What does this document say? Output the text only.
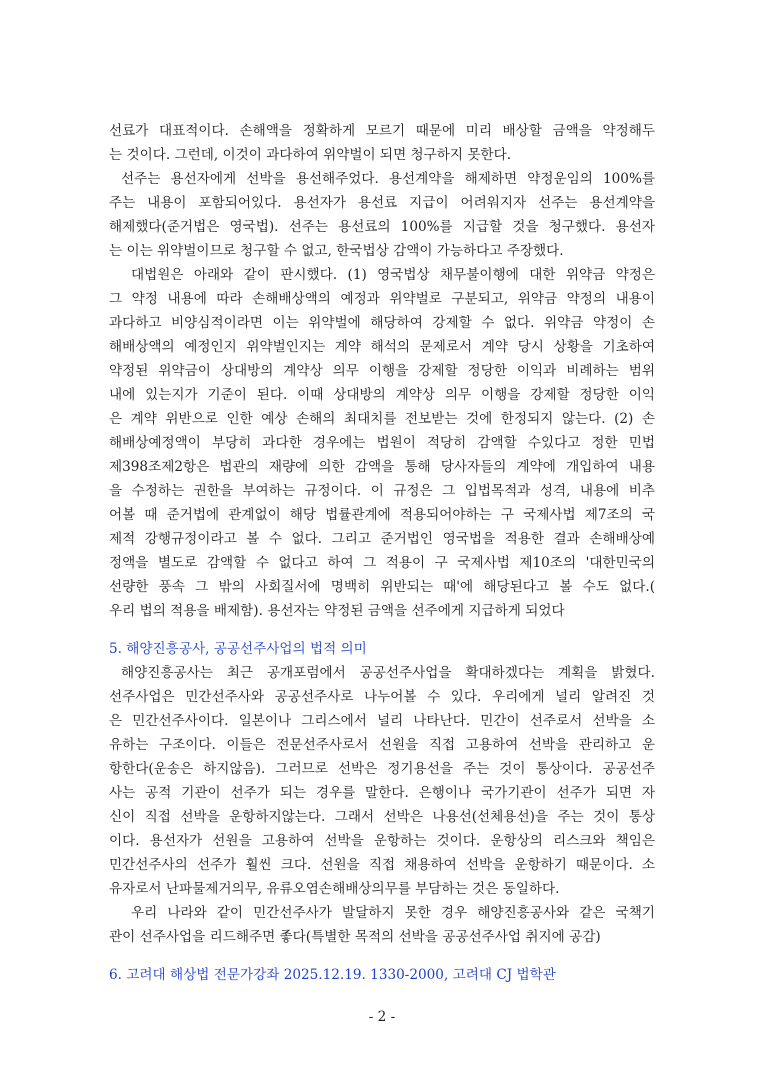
선료가 대표적이다. 손해액을 정확하게 모르기 때문에 미리 배상할 금액을 약정해두
는 것이다. 그런데, 이것이 과다하여 위약벌이 되면 청구하지 못한다.
선주는 용선자에게 선박을 용선해주었다. 용선계약을 해제하면 약정운임의 100%를
주는 내용이 포함되어있다. 용선자가 용선료 지급이 어려워지자 선주는 용선계약을
해제했다(준거법은 영국법). 선주는 용선료의 100%를 지급할 것을 청구했다. 용선자
는 이는 위약벌이므로 청구할 수 없고, 한국법상 감액이 가능하다고 주장했다.
대법원은 아래와 같이 판시했다. (1) 영국법상 채무불이행에 대한 위약금 약정은
그 약정 내용에 따라 손해배상액의 예정과 위약벌로 구분되고, 위약금 약정의 내용이
과다하고 비양심적이라면 이는 위약벌에 해당하여 강제할 수 없다. 위약금 약정이 손
해배상액의 예정인지 위약벌인지는 계약 해석의 문제로서 계약 당시 상황을 기초하여
약정된 위약금이 상대방의 계약상 의무 이행을 강제할 정당한 이익과 비례하는 범위
내에 있는지가 기준이 된다. 이때 상대방의 계약상 의무 이행을 강제할 정당한 이익
은 계약 위반으로 인한 예상 손해의 최대치를 전보받는 것에 한정되지 않는다. (2) 손
해배상예정액이 부당히 과다한 경우에는 법원이 적당히 감액할 수있다고 정한 민법
제398조제2항은 법관의 재량에 의한 감액을 통해 당사자들의 계약에 개입하여 내용
을 수정하는 권한을 부여하는 규정이다. 이 규정은 그 입법목적과 성격, 내용에 비추
어볼 때 준거법에 관계없이 해당 법률관계에 적용되어야하는 구 국제사법 제7조의 국
제적 강행규정이라고 볼 수 없다. 그리고 준거법인 영국법을 적용한 결과 손해배상예
정액을 별도로 감액할 수 없다고 하여 그 적용이 구 국제사법 제10조의 '대한민국의
선량한 풍속 그 밖의 사회질서에 명백히 위반되는 때'에 해당된다고 볼 수도 없다.(
우리 법의 적용을 배제함). 용선자는 약정된 금액을 선주에게 지급하게 되었다
5. 해양진흥공사, 공공선주사업의 법적 의미
해양진흥공사는 최근 공개포럼에서 공공선주사업을 확대하겠다는 계획을 밝혔다.
선주사업은 민간선주사와 공공선주사로 나누어볼 수 있다. 우리에게 널리 알려진 것
은 민간선주사이다. 일본이나 그리스에서 널리 나타난다. 민간이 선주로서 선박을 소
유하는 구조이다. 이들은 전문선주사로서 선원을 직접 고용하여 선박을 관리하고 운
항한다(운송은 하지않음). 그러므로 선박은 정기용선을 주는 것이 통상이다. 공공선주
사는 공적 기관이 선주가 되는 경우를 말한다. 은행이나 국가기관이 선주가 되면 자
신이 직접 선박을 운항하지않는다. 그래서 선박은 나용선(선체용선)을 주는 것이 통상
이다. 용선자가 선원을 고용하여 선박을 운항하는 것이다. 운항상의 리스크와 책임은
민간선주사의 선주가 훨씬 크다. 선원을 직접 채용하여 선박을 운항하기 때문이다. 소
유자로서 난파물제거의무, 유류오염손해배상의무를 부담하는 것은 동일하다.
우리 나라와 같이 민간선주사가 발달하지 못한 경우 해양진흥공사와 같은 국책기
관이 선주사업을 리드해주면 좋다(특별한 목적의 선박을 공공선주사업 취지에 공감)
6. 고려대 해상법 전문가강좌 2025.12.19. 1330-2000, 고려대 CJ 법학관
- 2 -
